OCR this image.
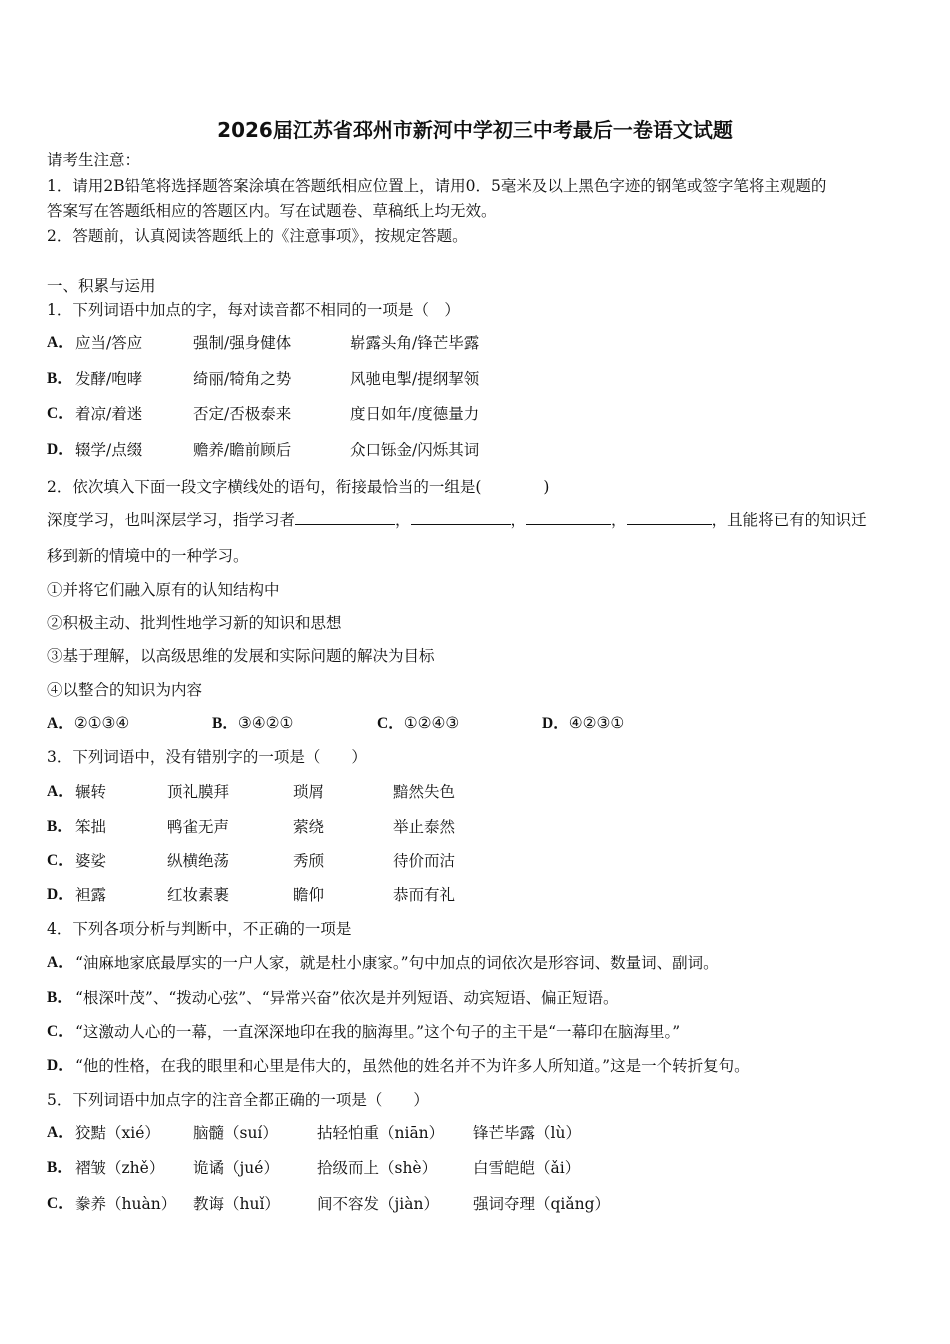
2026届江苏省邳州市新河中学初三中考最后一卷语文试题
请考生注意：
1．请用2B铅笔将选择题答案涂填在答题纸相应位置上，请用0．5毫米及以上黑色字迹的钢笔或签字笔将主观题的
答案写在答题纸相应的答题区内。写在试题卷、草稿纸上均无效。
2．答题前，认真阅读答题纸上的《注意事项》，按规定答题。
一、积累与运用
1．下列词语中加点的字，每对读音都不相同的一项是（　）
A． 应当/答应	强制/强身健体	崭露头角/锋芒毕露
B． 发酵/咆哮	绮丽/犄角之势	风驰电掣/提纲挈领
C． 着凉/着迷	否定/否极泰来	度日如年/度德量力
D． 辍学/点缀	赡养/瞻前顾后	众口铄金/闪烁其词
2．依次填入下面一段文字横线处的语句，衔接最恰当的一组是(　　　　)
深度学习，也叫深层学习，指学习者	，	，	，	，且能将已有的知识迁
移到新的情境中的一种学习。
①并将它们融入原有的认知结构中
②积极主动、批判性地学习新的知识和思想
③基于理解，以高级思维的发展和实际问题的解决为目标
④以整合的知识为内容
A．②①③④	B．③④②①	C．①②④③	D．④②③①
3．下列词语中，没有错别字的一项是（　　）
A． 辗转	顶礼膜拜	琐屑	黯然失色
B． 笨拙	鸭雀无声	萦绕	举止泰然
C． 婆娑	纵横绝荡	秀颀	待价而沽
D． 袒露	红妆素裹	瞻仰	恭而有礼
4．下列各项分析与判断中，不正确的一项是
A． “油麻地家底最厚实的一户人家，就是杜小康家。”句中加点的词依次是形容词、数量词、副词。
B． “根深叶茂”、“拨动心弦”、“异常兴奋”依次是并列短语、动宾短语、偏正短语。
C． “这激动人心的一幕，一直深深地印在我的脑海里。”这个句子的主干是“一幕印在脑海里。”
D． “他的性格，在我的眼里和心里是伟大的，虽然他的姓名并不为许多人所知道。”这是一个转折复句。
5．下列词语中加点字的注音全都正确的一项是（　　）
A． 狡黠（xié） 脑髓（suí）	拈轻怕重（niān） 锋芒毕露（lù）
B． 褶皱（zhě） 诡谲（jué） 拾级而上（shè） 白雪皑皑（ǎi）
C． 豢养（huàn） 教诲（huǐ） 间不容发（jiàn） 强词夺理（qiǎng）
